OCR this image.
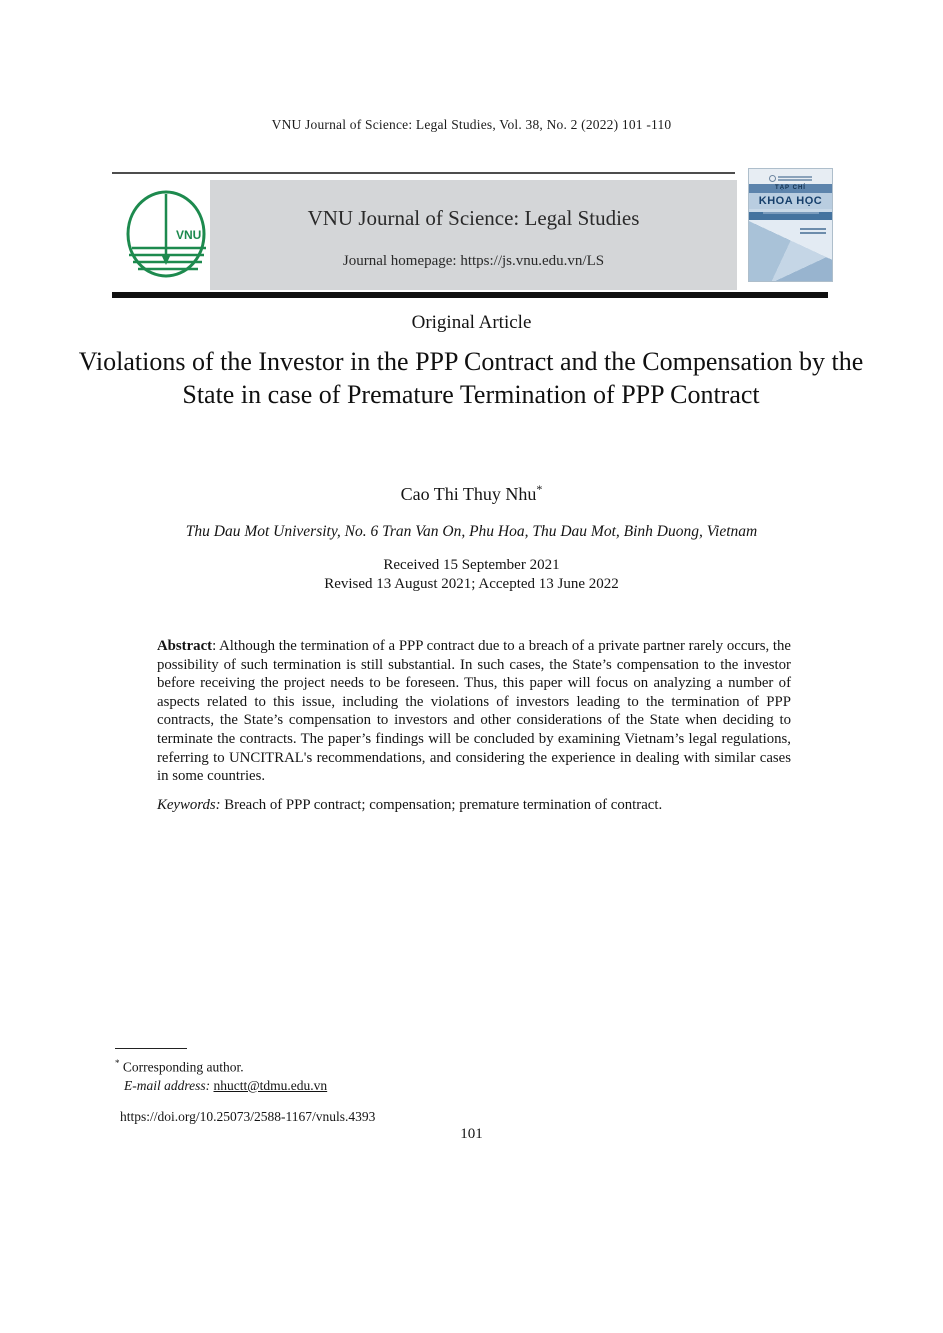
VNU Journal of Science: Legal Studies, Vol. 38, No. 2 (2022) 101 -110
VNU
VNU Journal of Science: Legal Studies
Journal homepage: https://js.vnu.edu.vn/LS
TẠP CHÍ
KHOA HỌC
Original Article
Violations of the Investor in the PPP Contract and the Compensation by the State in case of Premature Termination of PPP Contract
Cao Thi Thuy Nhu*
Thu Dau Mot University, No. 6 Tran Van On, Phu Hoa, Thu Dau Mot, Binh Duong, Vietnam
Received 15 September 2021
Revised 13 August 2021; Accepted 13 June 2022

Abstract: Although the termination of a PPP contract due to a breach of a private partner rarely occurs, the possibility of such termination is still substantial. In such cases, the State’s compensation to the investor before receiving the project needs to be foreseen. Thus, this paper will focus on analyzing a number of aspects related to this issue, including the violations of investors leading to the termination of PPP contracts, the State’s compensation to investors and other considerations of the State when deciding to terminate the contracts. The paper’s findings will be concluded by examining Vietnam’s legal regulations, referring to UNCITRAL's recommendations, and considering the experience in dealing with similar cases in some countries.

Keywords: Breach of PPP contract; compensation; premature termination of contract.

* Corresponding author.
E-mail address: nhuctt@tdmu.edu.vn
https://doi.org/10.25073/2588-1167/vnuls.4393
101
